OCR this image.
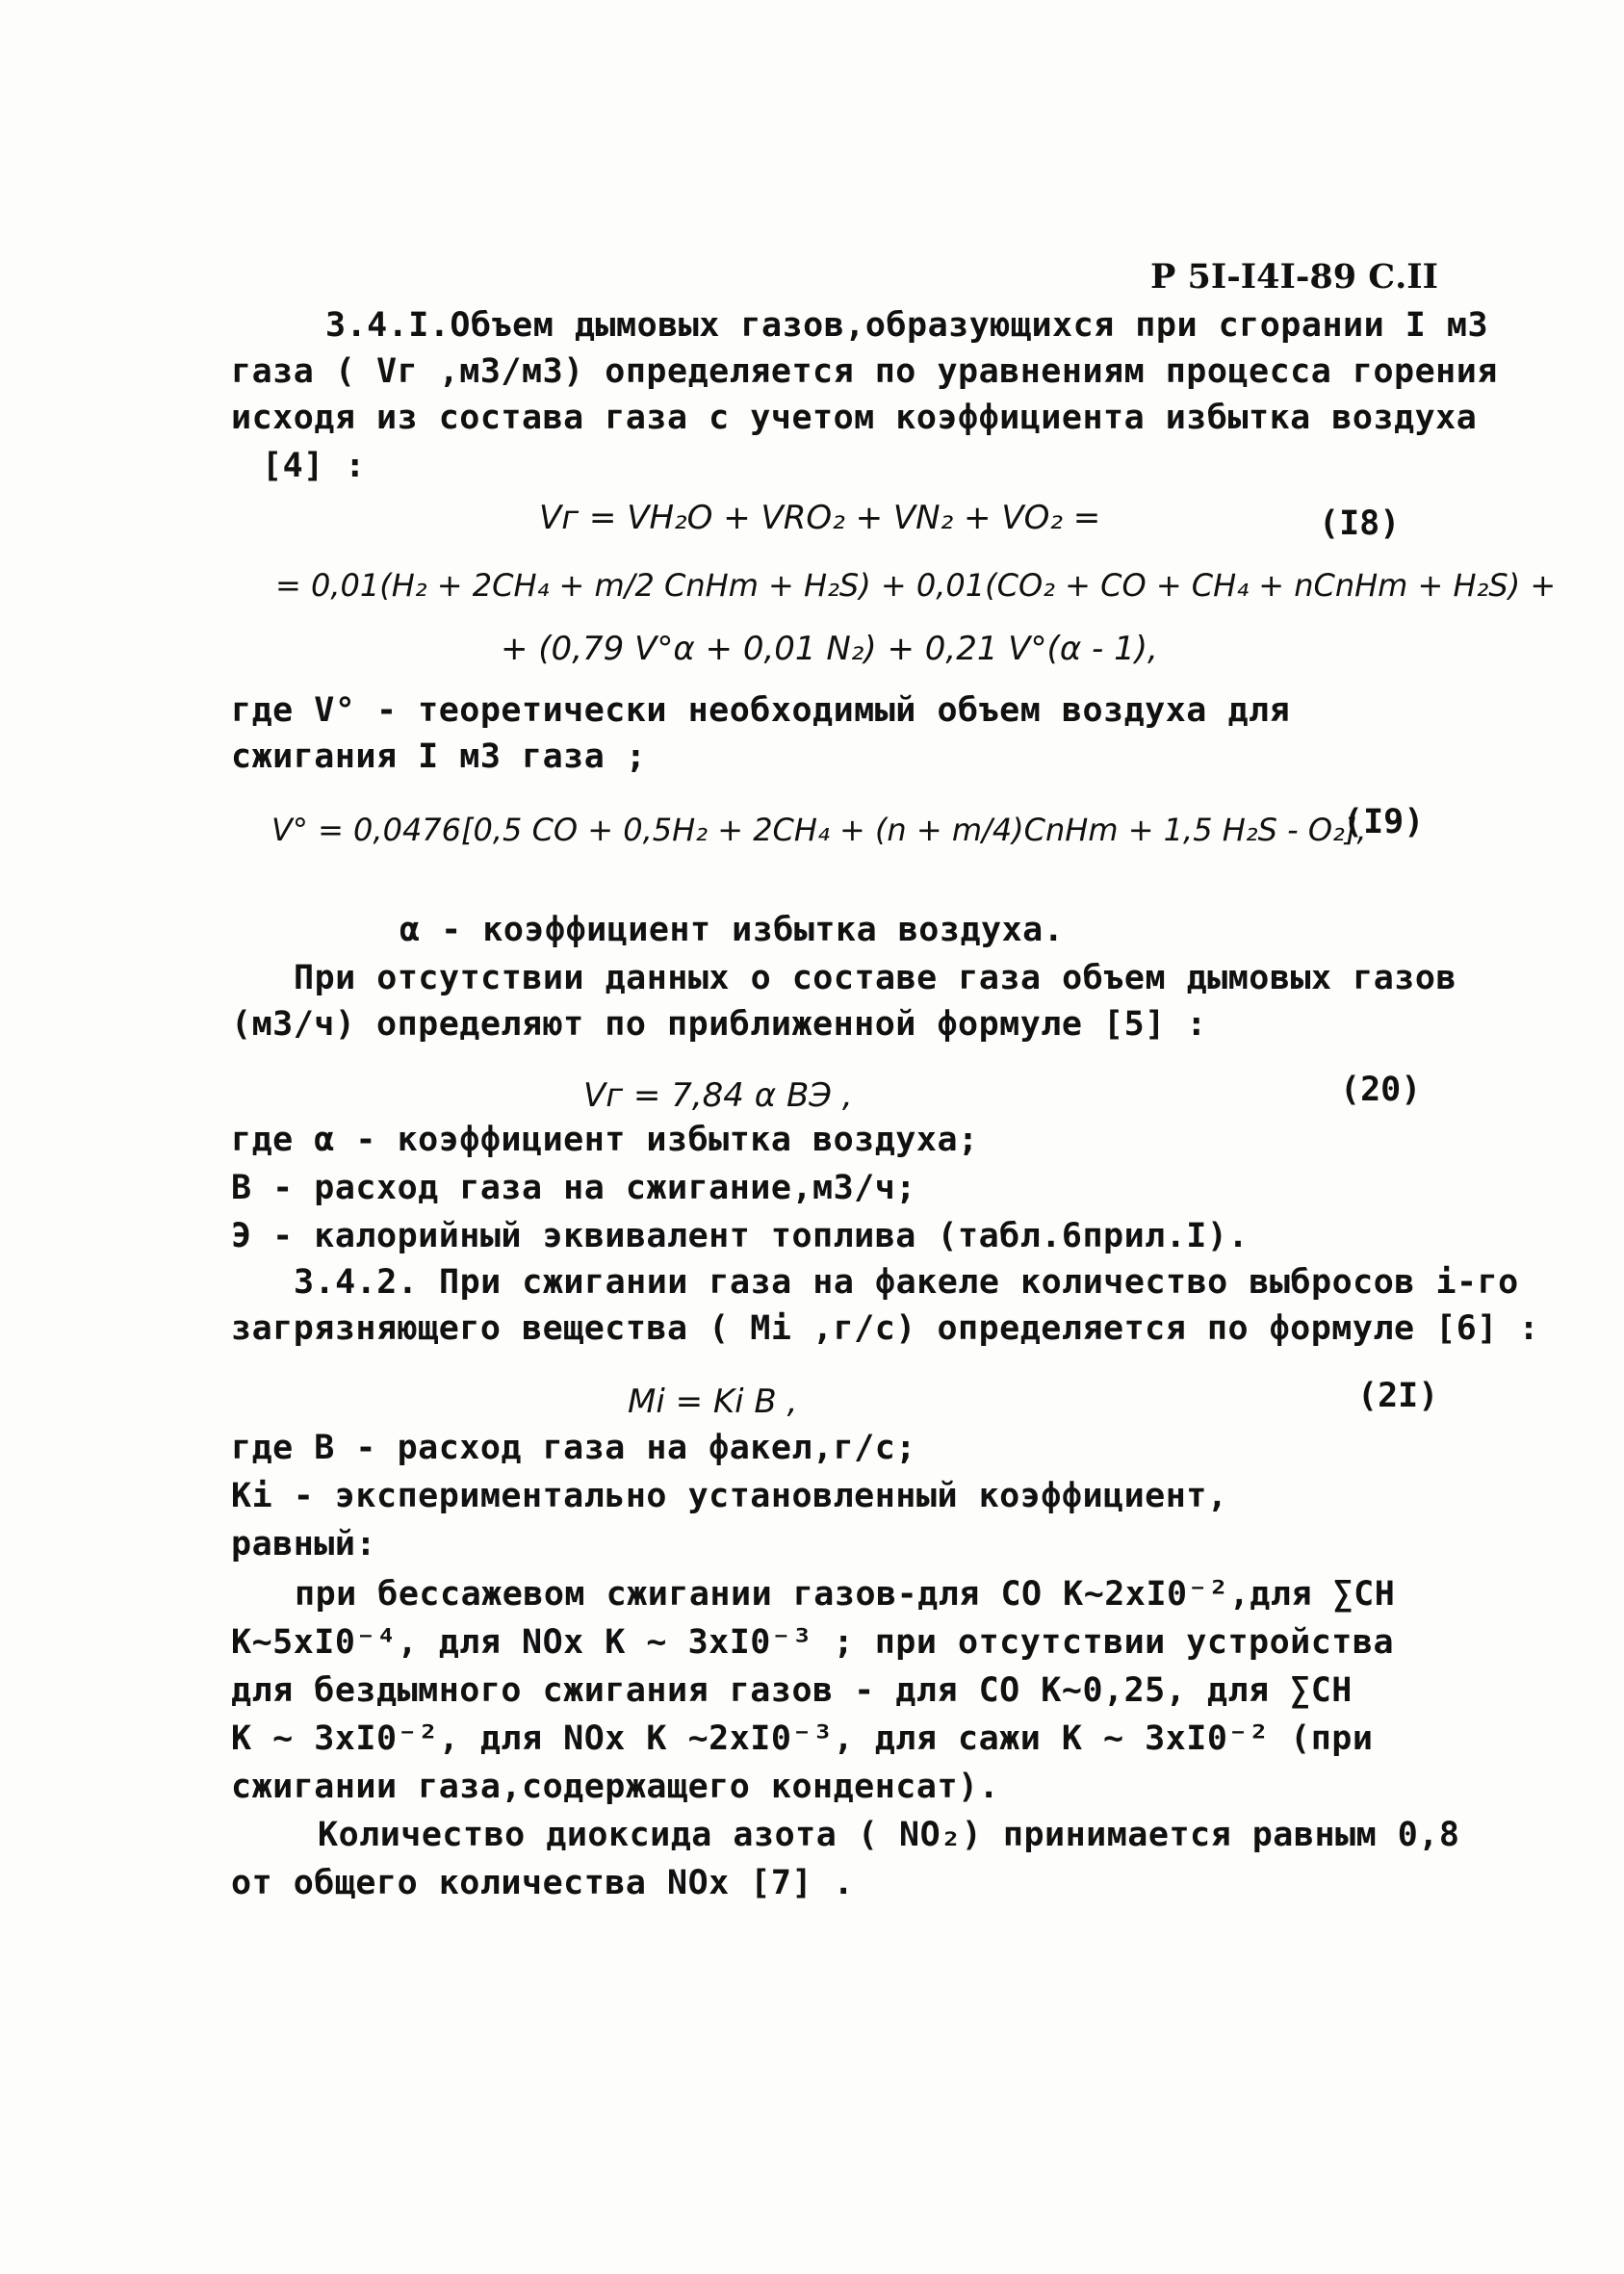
Р 5I-I4I-89 С.II
3.4.I.Объем дымовых газов,образующихся при сгорании I м3
газа ( Vг ,м3/м3) определяется по уравнениям процесса горения
исходя из состава газа с учетом коэффициента избытка воздуха
[4] :
Vг = VH₂O + VRO₂ + VN₂ + VO₂ =	(I8)
= 0,01(H₂ + 2CH₄ + m/2 CnHm + H₂S) + 0,01(CO₂ + CO + CH₄ + nCnHm + H₂S) +
+ (0,79 V°α + 0,01 N₂) + 0,21 V°(α - 1),
где V° - теоретически необходимый объем воздуха для
сжигания I м3 газа ;
V° = 0,0476[0,5 CO + 0,5H₂ + 2CH₄ + (n + m/4)CnHm + 1,5 H₂S - O₂],
(I9)
α - коэффициент избытка воздуха.
При отсутствии данных о составе газа объем дымовых газов
(м3/ч) определяют по приближенной формуле [5] :
Vг = 7,84 α BЭ ,	(20)
где α - коэффициент избытка воздуха;
В - расход газа на сжигание,м3/ч;
Э - калорийный эквивалент топлива (табл.6прил.I).
3.4.2. При сжигании газа на факеле количество выбросов i-го
загрязняющего вещества ( Mi ,г/с) определяется по формуле [6] :
Mi = Ki B ,	(2I)
где В - расход газа на факел,г/с;
Ki - экспериментально установленный коэффициент,
равный:
при бессажевом сжигании газов-для СО К~2хI0⁻²,для ∑СН
К~5хI0⁻⁴, для NOx К ~ 3хI0⁻³ ; при отсутствии устройства
для бездымного сжигания газов - для СО К~0,25, для ∑СН
К ~ 3хI0⁻², для NOx К ~2хI0⁻³, для сажи К ~ 3хI0⁻² (при
сжигании газа,содержащего конденсат).
Количество диоксида азота ( NO₂) принимается равным 0,8
от общего количества NOx [7] .
